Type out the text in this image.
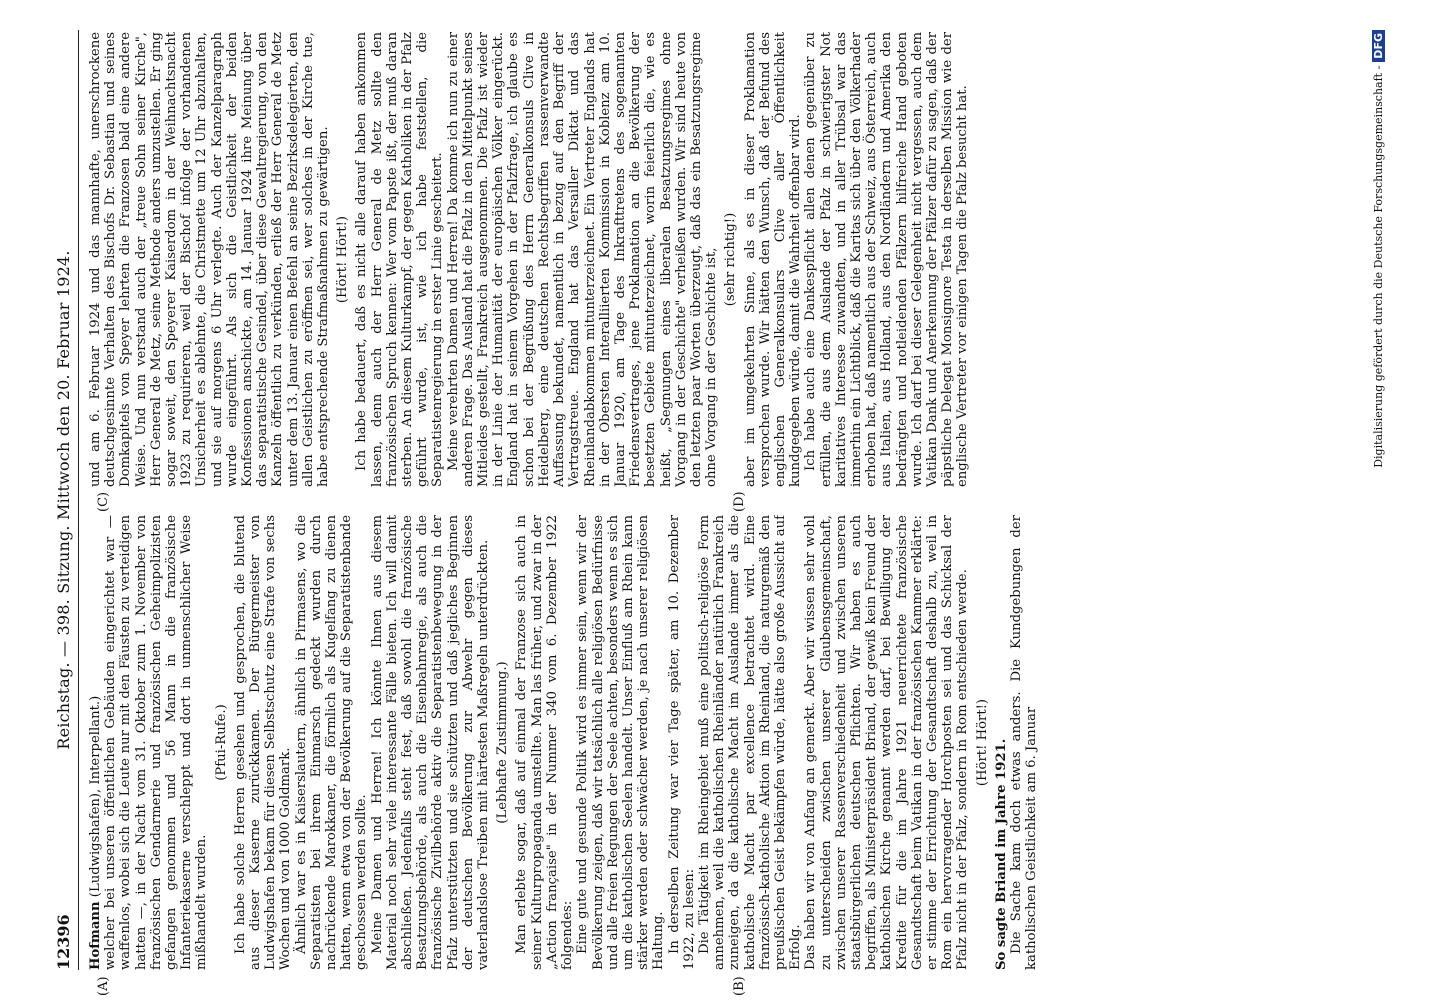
12396
Reichstag. — 398. Sitzung. Mittwoch den 20. Februar 1924.
(A)	(B)
(C)	(D)

Hofmann (Ludwigshafen), Interpellant.) welcher bei unseren öffentlichen Gebäuden eingerichtet war — waffenlos, wobei sich die Leute nur mit den Fäusten zu verteidigen hatten —, in der Nacht vom 31. Oktober zum 1. November von französischen Gendarmerie und französischen Geheimpolizisten gefangen genommen und 56 Mann in die französische Infanteriekaserne verschleppt und dort in unmenschlicher Weise mißhandelt wurden.

(Pfui-Rufe.) Ich habe solche Herren gesehen und gesprochen, die blutend aus dieser Kaserne zurückkamen. Der Bürgermeister von Ludwigshafen bekam für diesen Selbstschutz eine Strafe von sechs Wochen und von 1000 Goldmark. Ähnlich war es in Kaiserslautern, ähnlich in Pirmasens, wo die Separatisten bei ihrem Einmarsch gedeckt wurden durch nachrückende Marokkaner, die förmlich als Kugelfang zu dienen hatten, wenn etwa von der Bevölkerung auf die Separatistenbande geschossen werden sollte. Meine Damen und Herren! Ich könnte Ihnen aus diesem Material noch sehr viele interessante Fälle bieten. Ich will damit abschließen. Jedenfalls steht fest, daß sowohl die französische Besatzungsbehörde, als auch die Eisenbahnregie, als auch die französische Zivilbehörde aktiv die Separatistenbewegung in der Pfalz unterstützten und sie schützten und daß jegliches Beginnen der deutschen Bevölkerung zur Abwehr gegen dieses vaterlandslose Treiben mit härtesten Maßregeln unterdrückten. (Lebhafte Zustimmung.) Man erlebte sogar, daß auf einmal der Franzose sich auch in seiner Kulturpropaganda umstellte. Man las früher, und zwar in der „Action française" in der Nummer 340 vom 6. Dezember 1922 folgendes: Eine gute und gesunde Politik wird es immer sein, wenn wir der Bevölkerung zeigen, daß wir tatsächlich alle religiösen Bedürfnisse und alle freien Regungen der Seele achten, besonders wenn es sich um die katholischen Seelen handelt. Unser Einfluß am Rhein kann stärker werden oder schwächer werden, je nach unserer religiösen Haltung. In derselben Zeitung war vier Tage später, am 10. Dezember 1922, zu lesen: Die Tätigkeit im Rheingebiet muß eine politisch-religiöse Form annehmen, weil die katholischen Rheinländer natürlich Frankreich zuneigen, da die katholische Macht im Auslande immer als die katholische Macht par excellence betrachtet wird. Eine französisch-katholische Aktion im Rheinland, die naturgemäß den preußischen Geist bekämpfen würde, hätte also große Aussicht auf Erfolg. Das haben wir von Anfang an gemerkt. Aber wir wissen sehr wohl zu unterscheiden zwischen unserer Glaubensgemeinschaft, zwischen unserer Rassenverschiedenheit und zwischen unseren staatsbürgerlichen deutschen Pflichten. Wir haben es auch begriffen, als Ministerpräsident Briand, der gewiß kein Freund der katholischen Kirche genannt werden darf, bei Bewilligung der Kredite für die im Jahre 1921 neuerrichtete französische Gesandtschaft beim Vatikan in der französischen Kammer erklärte: er stimme der Errichtung der Gesandtschaft deshalb zu, weil in Rom ein hervorragender Horchposten sei und das Schicksal der Pfalz nicht in der Pfalz, sondern in Rom entschieden werde. (Hört! Hört!) So sagte Briand im Jahre 1921. Die Sache kam doch etwas anders. Die Kundgebungen der katholischen Geistlichkeit am 6. Januar

und am 6. Februar 1924 und das mannhafte, unerschrockene deutschgesinnte Verhalten des Bischofs Dr. Sebastian und seines Domkapitels von Speyer lehrten die Franzosen bald eine andere Weise. Und nun verstand auch der „treue Sohn seiner Kirche", Herr General de Metz, seine Methode anders umzustellen. Er ging sogar soweit, den Speyerer Kaiserdom in der Weihnachtsnacht 1923 zu requirieren, weil der Bischof infolge der vorhandenen Unsicherheit es ablehnte, die Christmette um 12 Uhr abzuhalten, und sie auf morgens 6 Uhr verlegte. Auch der Kanzelparagraph wurde eingeführt. Als sich die Geistlichkeit der beiden Konfessionen anschickte, am 14. Januar 1924 ihre Meinung über das separatistische Gesindel, über diese Gewaltregierung, von den Kanzeln öffentlich zu verkünden, erließ der Herr General de Metz unter dem 13. Januar einen Befehl an seine Bezirksdelegierten, den allen Geistlichen zu eröffnen sei, wer solches in der Kirche tue, habe entsprechende Strafmaßnahmen zu gewärtigen. (Hört! Hört!) Ich habe bedauert, daß es nicht alle darauf haben ankommen lassen, denn auch der Herr General de Metz sollte den französischen Spruch kennen: Wer vom Papste ißt, der muß daran sterben. An diesem Kulturkampf, der gegen Katholiken in der Pfalz geführt wurde, ist, wie ich habe feststellen, die Separatistenregierung in erster Linie gescheitert. Meine verehrten Damen und Herren! Da komme ich nun zu einer anderen Frage. Das Ausland hat die Pfalz in den Mittelpunkt seines Mitleides gestellt, Frankreich ausgenommen. Die Pfalz ist wieder in der Linie der Humanität der europäischen Völker eingerückt. England hat in seinem Vorgehen in der Pfalzfrage, ich glaube es schon bei der Begrüßung des Herrn Generalkonsuls Clive in Heidelberg, eine deutschen Rechtsbegriffen rassenverwandte Auffassung bekundet, namentlich in bezug auf den Begriff der Vertragstreue. England hat das Versailler Diktat und das Rheinlandabkommen mitunterzeichnet. Ein Vertreter Englands hat in der Obersten Interalliierten Kommission in Koblenz am 10. Januar 1920, am Tage des Inkrafttretens des sogenannten Friedensvertrages, jene Proklamation an die Bevölkerung der besetzten Gebiete mitunterzeichnet, worin feierlich die, wie es heißt, „Segnungen eines liberalen Besatzungsregimes ohne Vorgang in der Geschichte" verheißen wurden. Wir sind heute von den letzten paar Worten überzeugt, daß das ein Besatzungsregime ohne Vorgang in der Geschichte ist, (sehr richtig!) aber im umgekehrten Sinne, als es in dieser Proklamation versprochen wurde. Wir hätten den Wunsch, daß der Befund des englischen Generalkonsulars Clive aller Öffentlichkeit kundgegeben würde, damit die Wahrheit offenbar wird. Ich habe auch eine Dankespflicht allen denen gegenüber zu erfüllen, die aus dem Auslande der Pfalz in schwierigster Not karitatives Interesse zuwandten, und in aller Trübsal war das immerhin ein Lichtblick, daß die Karitas sich über den Völkerhader erhoben hat, daß namentlich aus der Schweiz, aus Österreich, auch aus Italien, aus Holland, aus den Nordländern und Amerika den bedrängten und notleidenden Pfälzern hilfreiche Hand geboten wurde. Ich darf bei dieser Gelegenheit nicht vergessen, auch dem Vatikan Dank und Anerkennung der Pfälzer dafür zu sagen, daß der päpstliche Delegat Monsignore Testa in derselben Mission wie der englische Vertreter vor einigen Tagen die Pfalz besucht hat.	Digitalisierung gefördert durch die Deutsche Forschungsgemeinschaft -DFG
